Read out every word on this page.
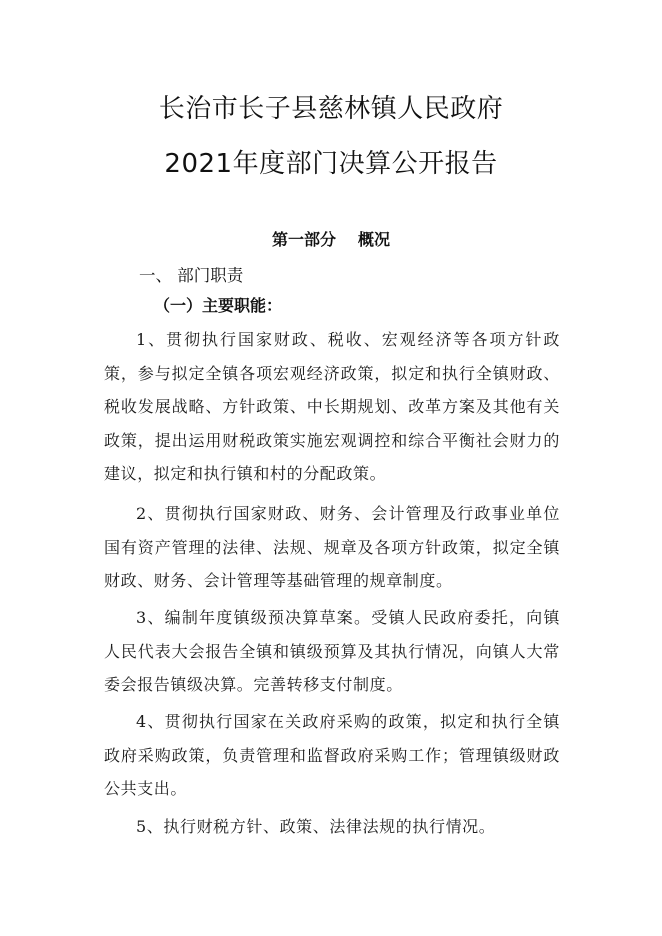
长治市长子县慈林镇人民政府
2021年度部门决算公开报告
第一部分 概况
一、 部门职责
（一）主要职能：
1、贯彻执行国家财政、税收、宏观经济等各项方针政策，参与拟定全镇各项宏观经济政策，拟定和执行全镇财政、税收发展战略、方针政策、中长期规划、改革方案及其他有关政策，提出运用财税政策实施宏观调控和综合平衡社会财力的建议，拟定和执行镇和村的分配政策。
2、贯彻执行国家财政、财务、会计管理及行政事业单位国有资产管理的法律、法规、规章及各项方针政策，拟定全镇财政、财务、会计管理等基础管理的规章制度。
3、编制年度镇级预决算草案。受镇人民政府委托，向镇人民代表大会报告全镇和镇级预算及其执行情况，向镇人大常委会报告镇级决算。完善转移支付制度。
4、贯彻执行国家在关政府采购的政策，拟定和执行全镇政府采购政策，负责管理和监督政府采购工作；管理镇级财政公共支出。
5、执行财税方针、政策、法律法规的执行情况。
